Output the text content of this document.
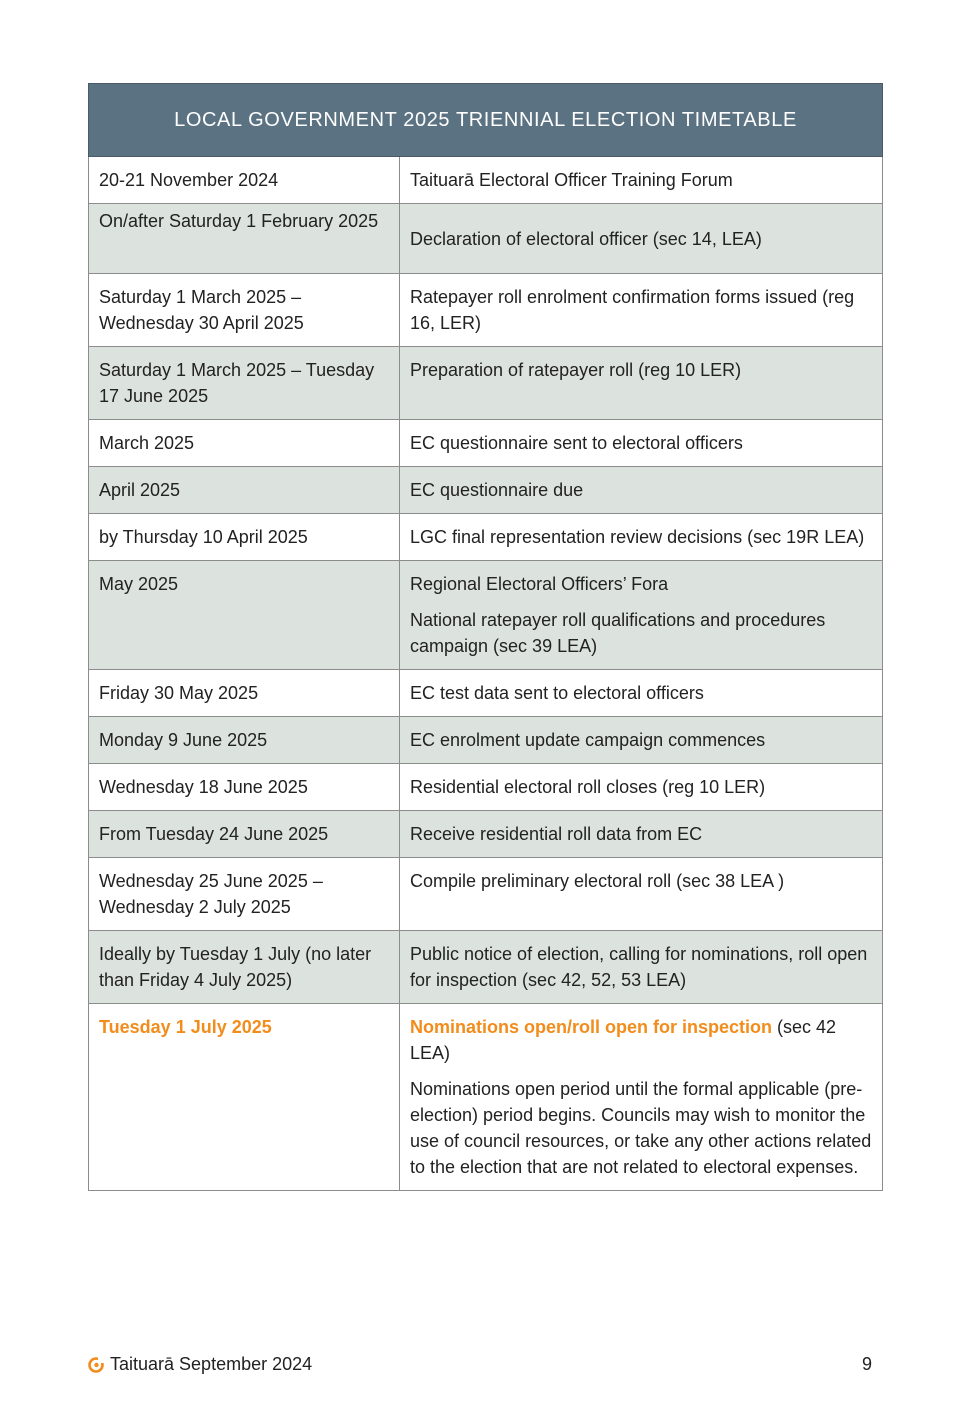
LOCAL GOVERNMENT 2025 TRIENNIAL ELECTION TIMETABLE	
20-21 November 2024	Taituarā Electoral Officer Training Forum
On/after Saturday 1 February 2025	Declaration of electoral officer (sec 14, LEA)
Saturday 1 March 2025 – Wednesday 30 April 2025	Ratepayer roll enrolment confirmation forms issued (reg 16, LER)
Saturday 1 March 2025 – Tuesday 17 June 2025	Preparation of ratepayer roll (reg 10 LER)
March 2025	EC questionnaire sent to electoral officers
April 2025	EC questionnaire due
by Thursday 10 April 2025	LGC final representation review decisions (sec 19R LEA)
May 2025	Regional Electoral Officers’ Fora

National ratepayer roll qualifications and procedures campaign (sec 39 LEA)

Friday 30 May 2025	EC test data sent to electoral officers
Monday 9 June 2025	EC enrolment update campaign commences
Wednesday 18 June 2025	Residential electoral roll closes (reg 10 LER)
From Tuesday 24 June 2025	Receive residential roll data from EC
Wednesday 25 June 2025 – Wednesday 2 July 2025	Compile preliminary electoral roll (sec 38 LEA )
Ideally by Tuesday 1 July (no later than Friday 4 July 2025)	Public notice of election, calling for nominations, roll open for inspection (sec 42, 52, 53 LEA)
Tuesday 1 July 2025	Nominations open/roll open for inspection (sec 42 LEA)

Nominations open period until the formal applicable (pre-election) period begins. Councils may wish to monitor the use of council resources, or take any other actions related to the election that are not related to electoral expenses.

Taituarā September 2024	9
